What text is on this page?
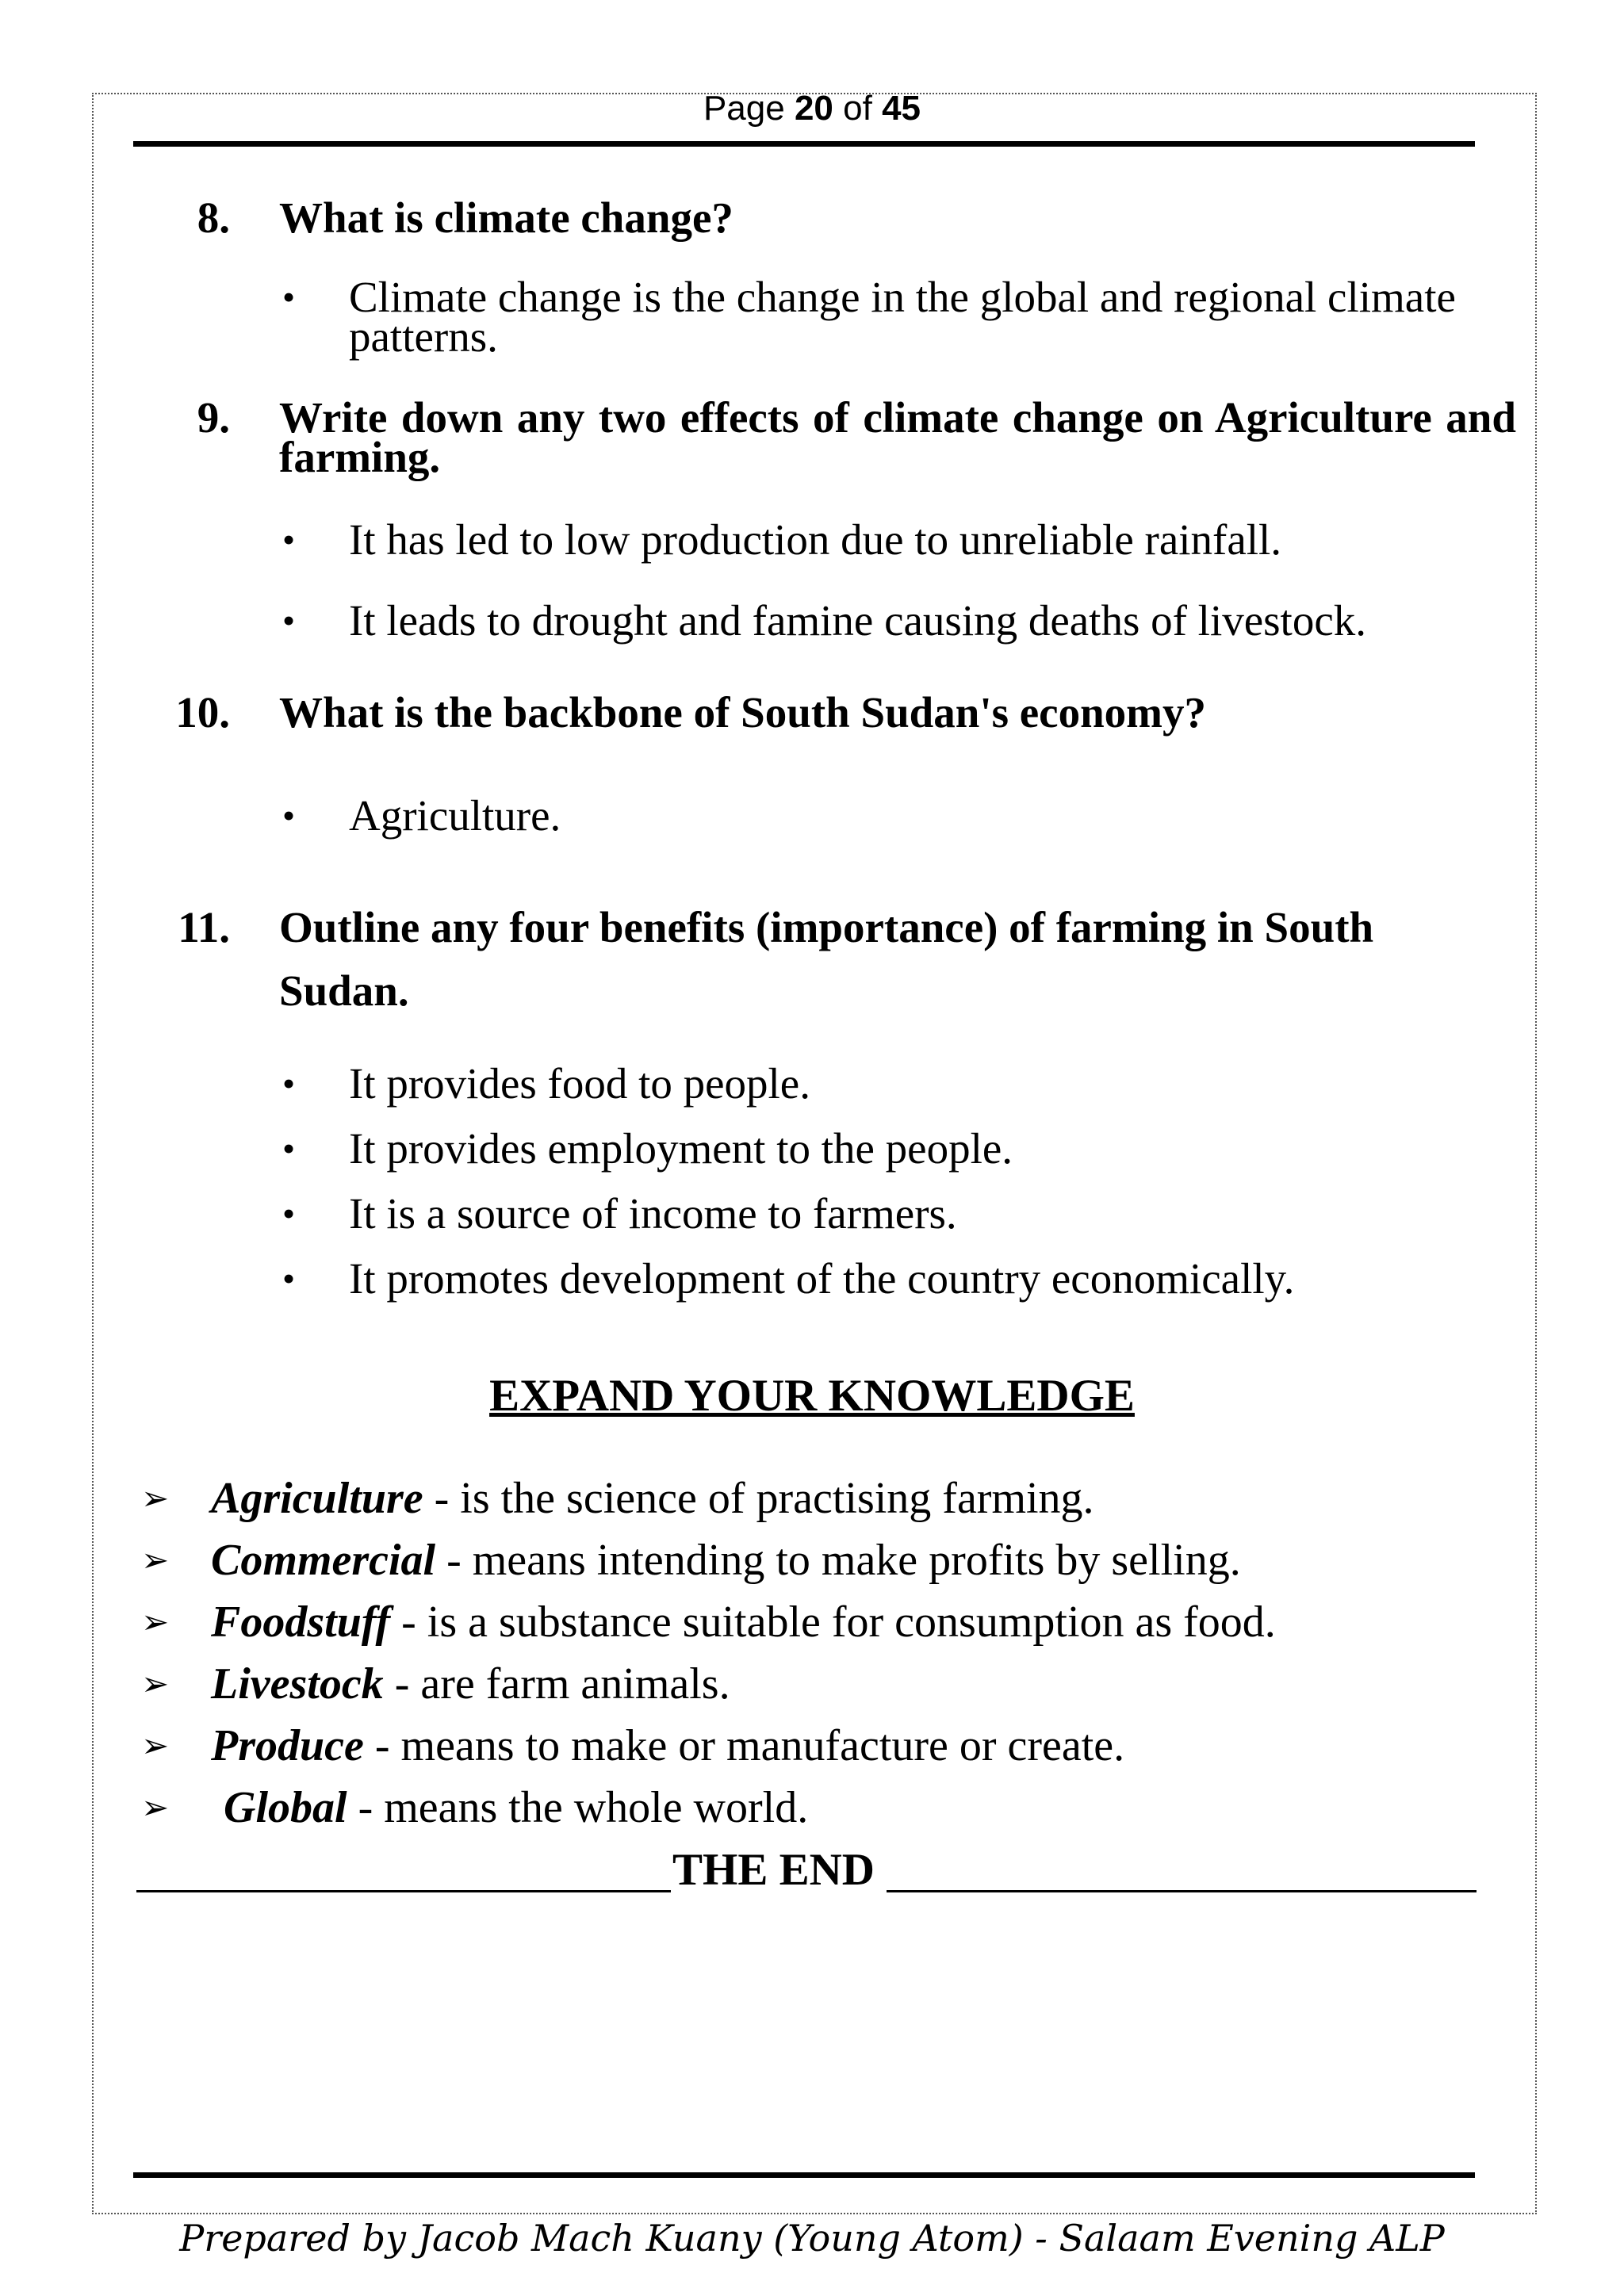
Page 20 of 45
8. What is climate change?
• Climate change is the change in the global and regional climate patterns.
9. Write down any two effects of climate change on Agriculture and farming.
• It has led to low production due to unreliable rainfall.
• It leads to drought and famine causing deaths of livestock.
10. What is the backbone of South Sudan's economy?
• Agriculture.
11. Outline any four benefits (importance) of farming in South Sudan.
• It provides food to people.
• It provides employment to the people.
• It is a source of income to farmers.
• It promotes development of the country economically.
EXPAND YOUR KNOWLEDGE
➢ Agriculture - is the science of practising farming.
➢ Commercial - means intending to make profits by selling.
➢ Foodstuff - is a substance suitable for consumption as food.
➢ Livestock - are farm animals.
➢ Produce - means to make or manufacture or create.
➢ Global - means the whole world.
THE END
Prepared by Jacob Mach Kuany (Young Atom) - Salaam Evening ALP
